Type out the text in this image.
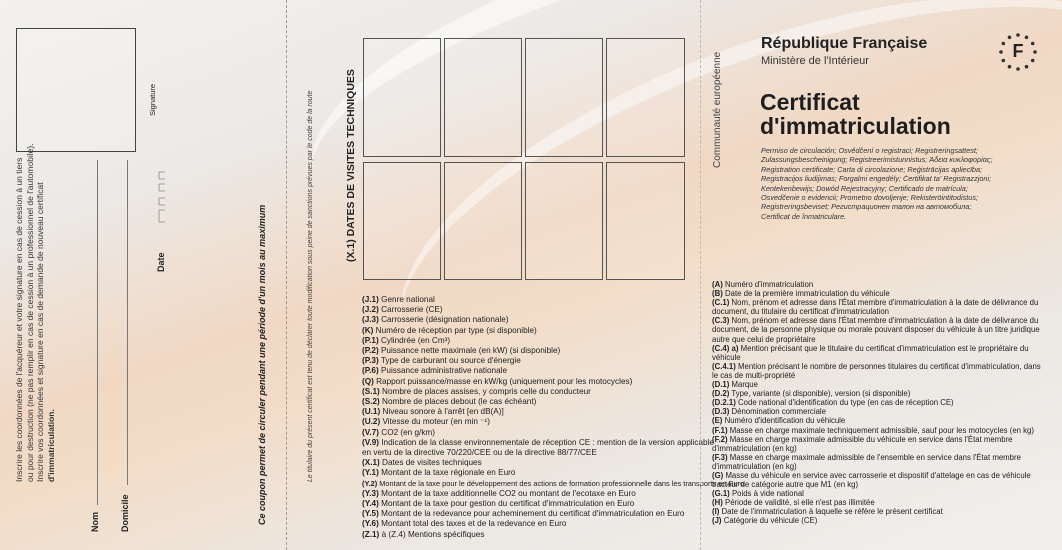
Signature
Inscrire les coordonnées de l'acquéreur et votre signature en cas de cession à un tiers ou pour destruction (ne pas remplir en cas de cession à un professionnel de l'automobile). Inscrire vos coordonnées et signature en cas de demande de nouveau certificat d'immatriculation.
Nom Domicile
Date	Ce coupon permet de circuler pendant une période d'un mois au maximum	Le titulaire du présent certificat est tenu de déclarer toute modification sous peine de sanctions prévues par le code de la route	(X.1) DATES DE VISITES TECHNIQUES
(J.1) Genre national
(J.2) Carrosserie (CE)
(J.3) Carrosserie (désignation nationale)
(K) Numéro de réception par type (si disponible)
(P.1) Cylindrée (en Cm³)
(P.2) Puissance nette maximale (en kW) (si disponible)
(P.3) Type de carburant ou source d'énergie
(P.6) Puissance administrative nationale
(Q) Rapport puissance/masse en kW/kg (uniquement pour les motocycles)
(S.1) Nombre de places assises, y compris celle du conducteur
(S.2) Nombre de places debout (le cas échéant)
(U.1) Niveau sonore à l'arrêt [en dB(A)]
(U.2) Vitesse du moteur (en min ⁻¹)
(V.7) CO2 (en g/km)
(V.9) Indication de la classe environnementale de réception CE : mention de la version applicable
en vertu de la directive 70/220/CEE ou de la directive 88/77/CEE
(X.1) Dates de visites techniques
(Y.1) Montant de la taxe régionale en Euro
(Y.2) Montant de la taxe pour le développement des actions de formation professionnelle dans les transports en Euro
(Y.3) Montant de la taxe additionnelle CO2 ou montant de l'ecotaxe en Euro
(Y.4) Montant de la taxe pour gestion du certificat d'immatriculation en Euro
(Y.5) Montant de la redevance pour acheminement du certificat d'immatriculation en Euro
(Y.6) Montant total des taxes et de la redevance en Euro
(Z.1) à (Z.4) Mentions spécifiques
Communauté européenne
République Française
Ministère de l'Intérieur	F
Certificat
d'immatriculation
Permiso de circulación; Osvědčení o registraci; Registreringsattest;
Zulassungsbescheinigung; Registreerimistunnistus; Άδεια κυκλοφορίας;
Registration certificate; Carta di circolazione; Reģistrācijas apliecība;
Registracijos liudijimas; Forgalmi engedély; Ċertifikat ta' Reġistrazzjoni;
Kentekenbewijs; Dowód Rejestracyjny; Certificado de matrícula;
Osvedčenie o evidencii; Prometno dovoljenje; Rekisteröintitodistus;
Registreringsbeviset; Регистрационен талон на автомобила;
Certificat de înmatriculare.
(A) Numéro d'immatriculation
(B) Date de la première immatriculation du véhicule
(C.1) Nom, prénom et adresse dans l'État membre d'immatriculation à la date de délivrance du document, du titulaire du certificat d'immatriculation
(C.3) Nom, prénom et adresse dans l'État membre d'immatriculation à la date de délivrance du document, de la personne physique ou morale pouvant disposer du véhicule à un titre juridique autre que celui de propriétaire
(C.4) a) Mention précisant que le titulaire du certificat d'immatriculation est le propriétaire du véhicule
(C.4.1) Mention précisant le nombre de personnes titulaires du certificat d'immatriculation, dans le cas de multi-propriété
(D.1) Marque
(D.2) Type, variante (si disponible), version (si disponible)
(D.2.1) Code national d'identification du type (en cas de réception CE)
(D.3) Dénomination commerciale
(E) Numéro d'identification du véhicule
(F.1) Masse en charge maximale techniquement admissible, sauf pour les motocycles (en kg)
(F.2) Masse en charge maximale admissible du véhicule en service dans l'État membre d'immatriculation (en kg)
(F.3) Masse en charge maximale admissible de l'ensemble en service dans l'État membre d'immatriculation (en kg)
(G) Masse du véhicule en service avec carrosserie et dispositif d'attelage en cas de véhicule tracteur de catégorie autre que M1 (en kg)
(G.1) Poids à vide national
(H) Période de validité, si elle n'est pas illimitée
(I) Date de l'immatriculation à laquelle se réfère le présent certificat
(J) Catégorie du véhicule (CE)
